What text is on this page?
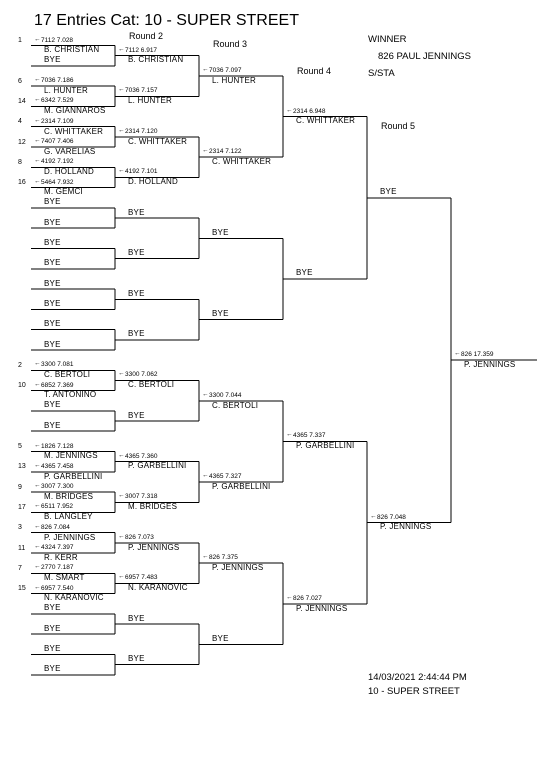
17 Entries Cat: 10 - SUPER STREET
Round 2
Round 3
Round 4
Round 5
WINNER
826 PAUL JENNINGS
S/STA
14/03/2021 2:44:44 PM
10 - SUPER STREET
1	7112 7.028
←
B. CHRISTIAN
BYE
6	7036 7.186
←
L. HUNTER
14 6342 7.529
←
M. GIANNAROS
4	2314 7.109
←
C. WHITTAKER
12 7407 7.406
←
G. VARELIAS
8	4192 7.192
←
D. HOLLAND
16 5464 7.932
←
M. GEMCI
BYE
BYE
BYE
BYE
BYE
BYE
BYE
BYE
2	3300 7.081
←
C. BERTOLI
10 6852 7.369
←
T. ANTONINO
BYE
BYE
5	1826 7.128
←
M. JENNINGS
13 4365 7.458
←
P. GARBELLINI
9	3007 7.300
←
M. BRIDGES
17 6511 7.952
←
B. LANGLEY
3	826 7.084
←
P. JENNINGS
11 4324 7.397
←
R. KERR
7	2770 7.187
←
M. SMART
15 6957 7.540
←
N. KARANOVIC
BYE
BYE
BYE
BYE
7112 6.917
←
B. CHRISTIAN
7036 7.157
←
L. HUNTER
2314 7.120
←
C. WHITTAKER
4192 7.101
←
D. HOLLAND
BYE
BYE
BYE
BYE
3300 7.062
←
C. BERTOLI
BYE
4365 7.360
←
P. GARBELLINI
3007 7.318
←
M. BRIDGES
826 7.073
←
P. JENNINGS
6957 7.483
←
N. KARANOVIC
BYE
BYE
7036 7.097
←
L. HUNTER
2314 7.122
←
C. WHITTAKER
BYE
BYE
3300 7.044
←
C. BERTOLI
4365 7.327
←
P. GARBELLINI
826 7.375
←
P. JENNINGS
BYE
2314 6.948
←
C. WHITTAKER
BYE
4365 7.337
←
P. GARBELLINI
826 7.027
←
P. JENNINGS
BYE
826 7.048
←
P. JENNINGS
826 17.359
←
P. JENNINGS
